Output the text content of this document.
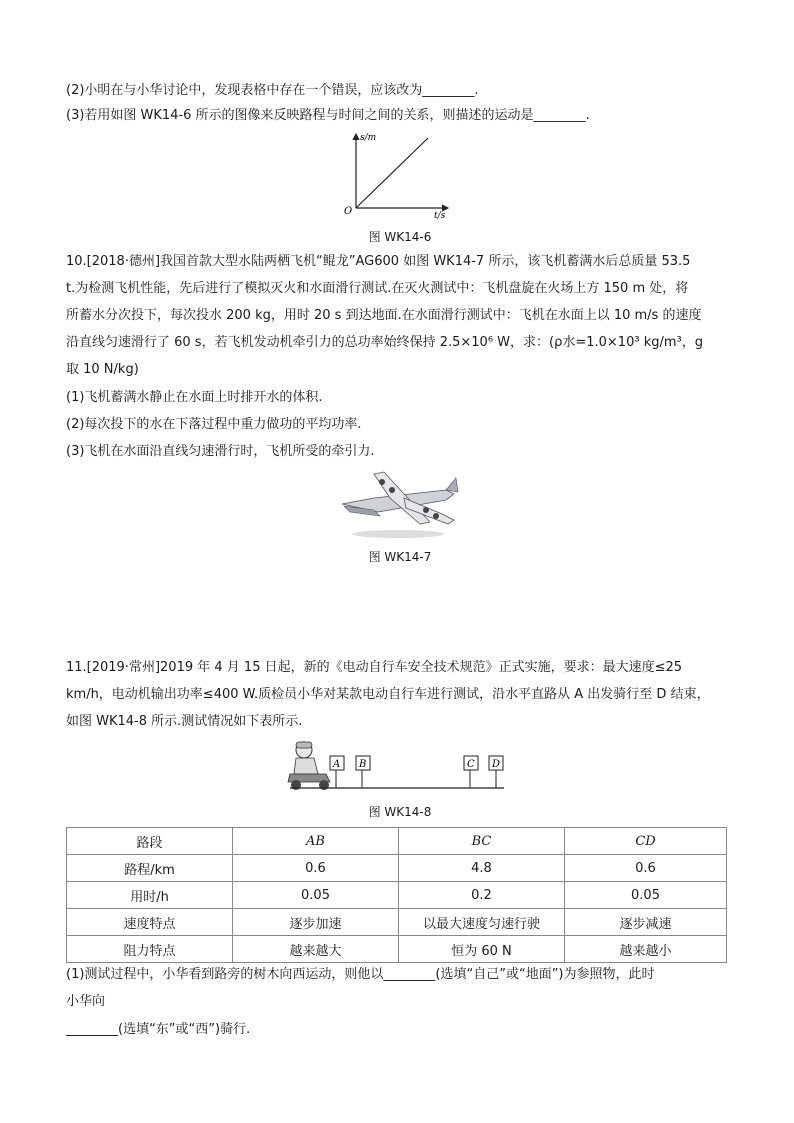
(2)小明在与小华讨论中，发现表格中存在一个错误，应该改为________.
(3)若用如图 WK14-6 所示的图像来反映路程与时间之间的关系，则描述的运动是________.
s/m
t/s
O
图 WK14-6
10.[2018·德州]我国首款大型水陆两栖飞机“鲲龙”AG600 如图 WK14-7 所示，该飞机蓄满水后总质量 53.5
t.为检测飞机性能，先后进行了模拟灭火和水面滑行测试.在灭火测试中：飞机盘旋在火场上方 150 m 处，将
所蓄水分次投下，每次投水 200 kg，用时 20 s 到达地面.在水面滑行测试中：飞机在水面上以 10 m/s 的速度
沿直线匀速滑行了 60 s，若飞机发动机牵引力的总功率始终保持 2.5×10⁶ W，求：(ρ水=1.0×10³ kg/m³，g
取 10 N/kg)
(1)飞机蓄满水静止在水面上时排开水的体积.
(2)每次投下的水在下落过程中重力做功的平均功率.
(3)飞机在水面沿直线匀速滑行时，飞机所受的牵引力.
图 WK14-7
11.[2019·常州]2019 年 4 月 15 日起，新的《电动自行车安全技术规范》正式实施，要求：最大速度≤25
km/h，电动机输出功率≤400 W.质检员小华对某款电动自行车进行测试，沿水平直路从 A 出发骑行至 D 结束，
如图 WK14-8 所示.测试情况如下表所示.
A B	C D
图 WK14-8
路段	AB	BC	CD
路程/km	0.6	4.8	0.6
用时/h	0.05	0.2	0.05
速度特点	逐步加速	以最大速度匀速行驶	逐步减速
阻力特点	越来越大	恒为 60 N	越来越小
(1)测试过程中，小华看到路旁的树木向西运动，则他以________(选填“自己”或“地面”)为参照物，此时
小华向
________(选填“东”或“西”)骑行.
